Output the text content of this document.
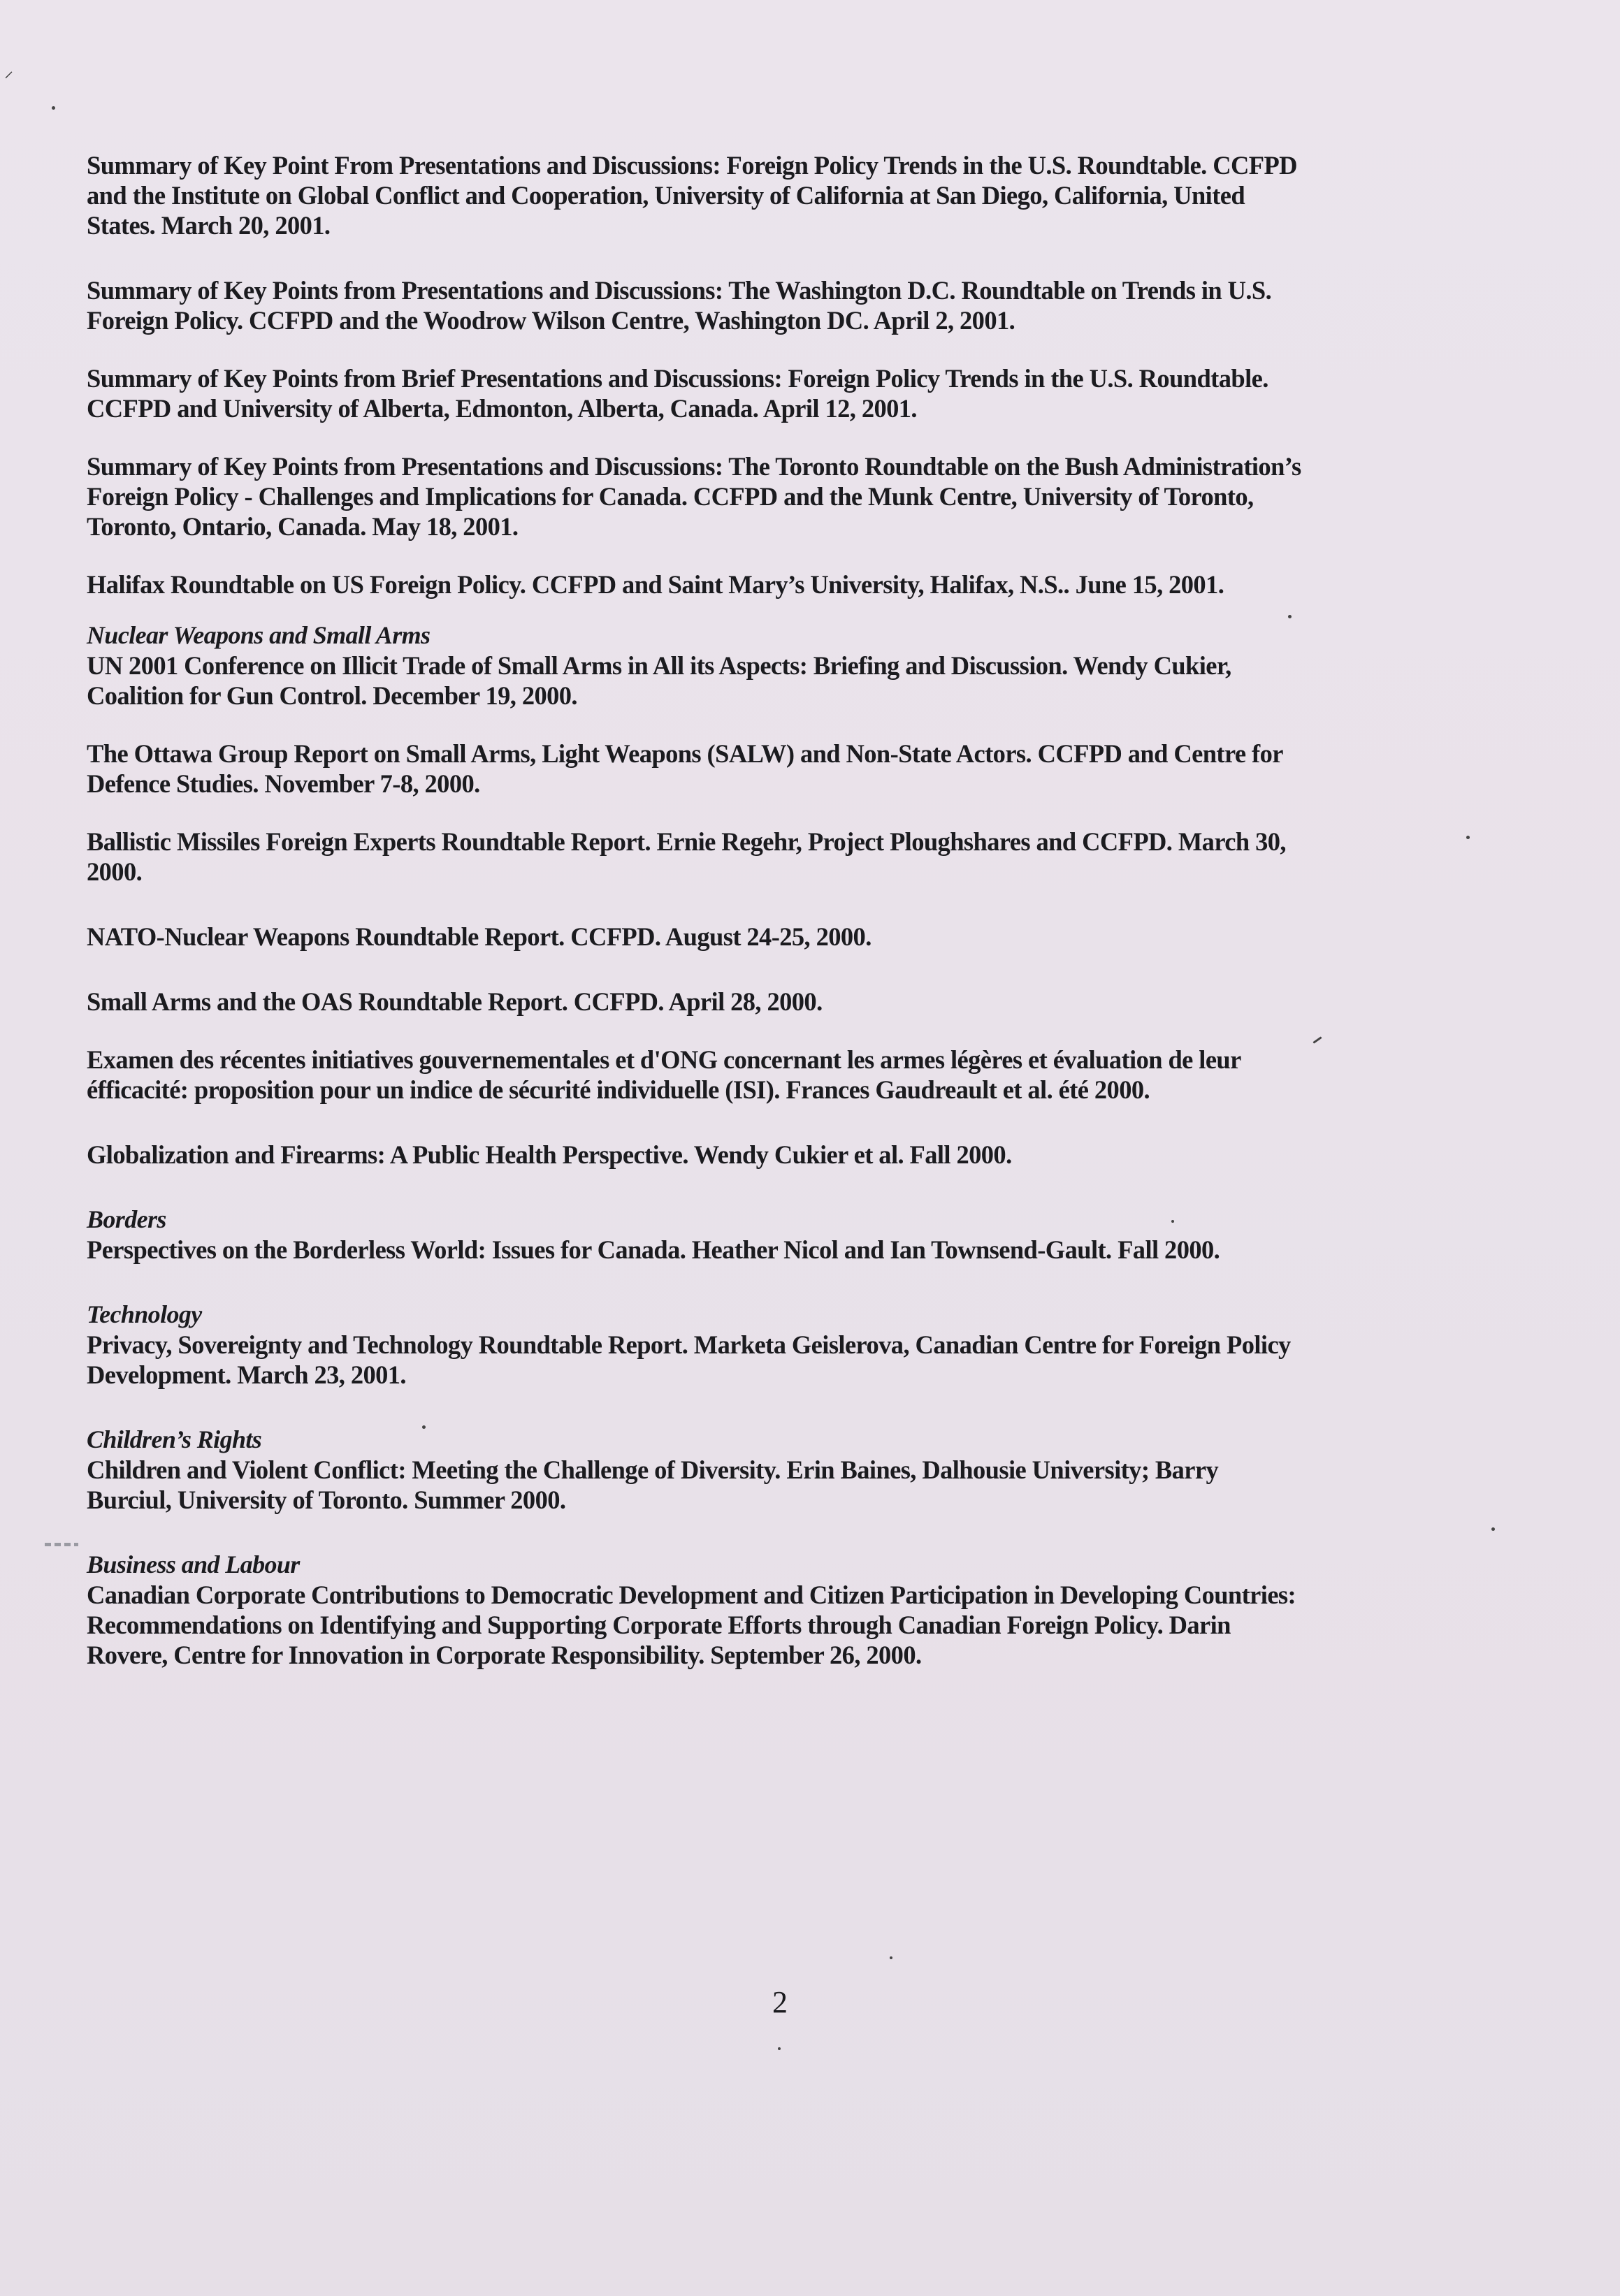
⸝
Summary of Key Point From Presentations and Discussions: Foreign Policy Trends in the U.S. Roundtable. CCFPD
and the Institute on Global Conflict and Cooperation, University of California at San Diego, California, United
States. March 20, 2001.
Summary of Key Points from Presentations and Discussions: The Washington D.C. Roundtable on Trends in U.S.
Foreign Policy. CCFPD and the Woodrow Wilson Centre, Washington DC. April 2, 2001.
Summary of Key Points from Brief Presentations and Discussions: Foreign Policy Trends in the U.S. Roundtable.
CCFPD and University of Alberta, Edmonton, Alberta, Canada. April 12, 2001.
Summary of Key Points from Presentations and Discussions: The Toronto Roundtable on the Bush Administration’s
Foreign Policy - Challenges and Implications for Canada. CCFPD and the Munk Centre, University of Toronto,
Toronto, Ontario, Canada. May 18, 2001.
Halifax Roundtable on US Foreign Policy. CCFPD and Saint Mary’s University, Halifax, N.S.. June 15, 2001.
Nuclear Weapons and Small Arms
UN 2001 Conference on Illicit Trade of Small Arms in All its Aspects: Briefing and Discussion. Wendy Cukier,
Coalition for Gun Control. December 19, 2000.
The Ottawa Group Report on Small Arms, Light Weapons (SALW) and Non-State Actors. CCFPD and Centre for
Defence Studies. November 7-8, 2000.
Ballistic Missiles Foreign Experts Roundtable Report. Ernie Regehr, Project Ploughshares and CCFPD. March 30,
2000.
NATO-Nuclear Weapons Roundtable Report. CCFPD. August 24-25, 2000.
Small Arms and the OAS Roundtable Report. CCFPD. April 28, 2000.
Examen des récentes initiatives gouvernementales et d'ONG concernant les armes légères et évaluation de leur
éfficacité: proposition pour un indice de sécurité individuelle (ISI). Frances Gaudreault et al. été 2000.
Globalization and Firearms: A Public Health Perspective. Wendy Cukier et al. Fall 2000.
Borders
Perspectives on the Borderless World: Issues for Canada. Heather Nicol and Ian Townsend-Gault. Fall 2000.
Technology
Privacy, Sovereignty and Technology Roundtable Report. Marketa Geislerova, Canadian Centre for Foreign Policy
Development. March 23, 2001.
Children’s Rights
Children and Violent Conflict: Meeting the Challenge of Diversity. Erin Baines, Dalhousie University; Barry
Burciul, University of Toronto. Summer 2000.
Business and Labour
Canadian Corporate Contributions to Democratic Development and Citizen Participation in Developing Countries:
Recommendations on Identifying and Supporting Corporate Efforts through Canadian Foreign Policy. Darin
Rovere, Centre for Innovation in Corporate Responsibility. September 26, 2000.
2
